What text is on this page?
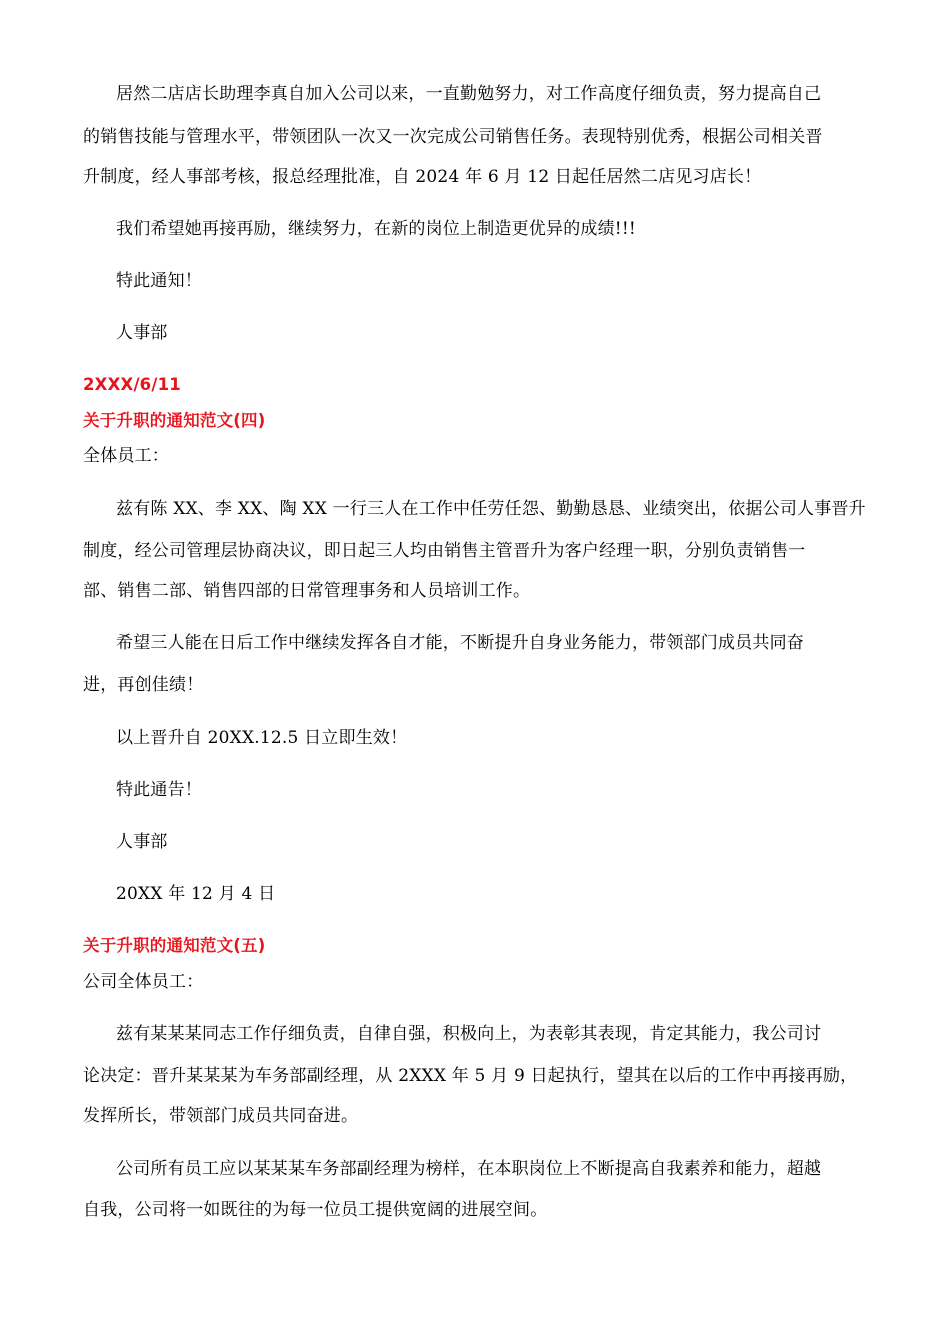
居然二店店长助理李真自加入公司以来，一直勤勉努力，对工作高度仔细负责，努力提高自己
的销售技能与管理水平，带领团队一次又一次完成公司销售任务。表现特别优秀，根据公司相关晋
升制度，经人事部考核，报总经理批准，自 2024 年 6 月 12 日起任居然二店见习店长！
我们希望她再接再励，继续努力，在新的岗位上制造更优异的成绩!!!
特此通知！
人事部
2XXX/6/11
关于升职的通知范文(四)
全体员工：
兹有陈 XX、李 XX、陶 XX 一行三人在工作中任劳任怨、勤勤恳恳、业绩突出，依据公司人事晋升
制度，经公司管理层协商决议，即日起三人均由销售主管晋升为客户经理一职，分别负责销售一
部、销售二部、销售四部的日常管理事务和人员培训工作。
希望三人能在日后工作中继续发挥各自才能，不断提升自身业务能力，带领部门成员共同奋
进，再创佳绩！
以上晋升自 20XX.12.5 日立即生效！
特此通告！
人事部
20XX 年 12 月 4 日
关于升职的通知范文(五)
公司全体员工：
兹有某某某同志工作仔细负责，自律自强，积极向上，为表彰其表现，肯定其能力，我公司讨
论决定：晋升某某某为车务部副经理，从 2XXX 年 5 月 9 日起执行，望其在以后的工作中再接再励，
发挥所长，带领部门成员共同奋进。
公司所有员工应以某某某车务部副经理为榜样，在本职岗位上不断提高自我素养和能力，超越
自我，公司将一如既往的为每一位员工提供宽阔的进展空间。
